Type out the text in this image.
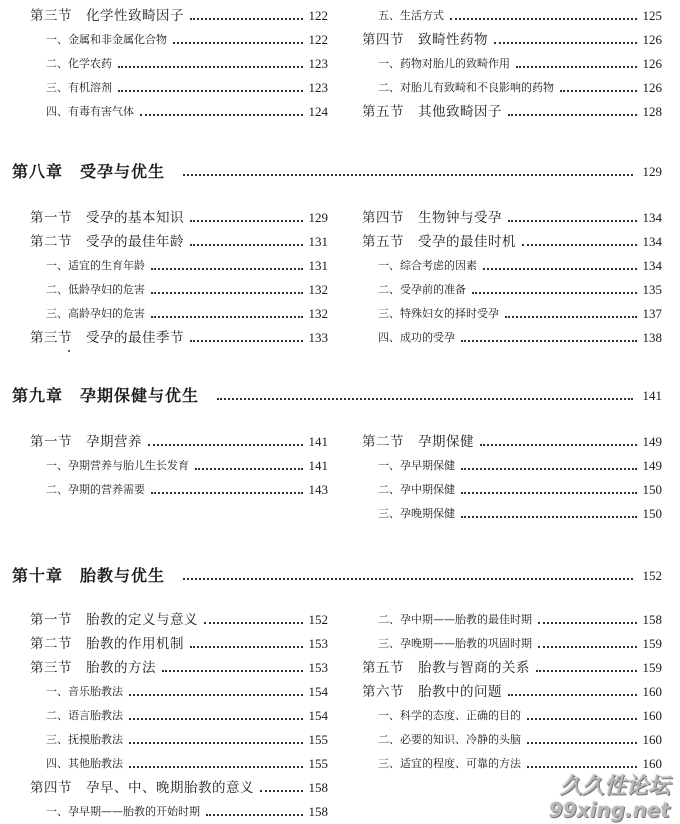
第三节　化学性致畸因子	122
一、金属和非金属化合物	122
二、化学农药	123
三、有机溶剂	123
四、有毒有害气体	124
五、生活方式	125
第四节　致畸性药物	126
一、药物对胎儿的致畸作用	126
二、对胎儿有致畸和不良影响的药物	126
第五节　其他致畸因子	128
第八章　受孕与优生	129
第一节　受孕的基本知识	129
第二节　受孕的最佳年龄	131
一、适宜的生育年龄	131
二、低龄孕妇的危害	132
三、高龄孕妇的危害	132
第三节　受孕的最佳季节	133
第四节　生物钟与受孕	134
第五节　受孕的最佳时机	134
一、综合考虑的因素	134
二、受孕前的准备	135
三、特殊妇女的择时受孕	137
四、成功的受孕	138
第九章　孕期保健与优生	141
第一节　孕期营养	141
一、孕期营养与胎儿生长发育	141
二、孕期的营养需要	143
第二节　孕期保健	149
一、孕早期保健	149
二、孕中期保健	150
三、孕晚期保健	150
第十章　胎教与优生	152
第一节　胎教的定义与意义	152
第二节　胎教的作用机制	153
第三节　胎教的方法	153
一、音乐胎教法	154
二、语言胎教法	154
三、抚摸胎教法	155
四、其他胎教法	155
第四节　孕早、中、晚期胎教的意义	158
一、孕早期——胎教的开始时期	158
二、孕中期——胎教的最佳时期	158
三、孕晚期——胎教的巩固时期	159
第五节　胎教与智商的关系	159
第六节　胎教中的问题	160
一、科学的态度、正确的目的	160
二、必要的知识、冷静的头脑	160
三、适宜的程度、可靠的方法	160
久久性论坛
99xing.net
